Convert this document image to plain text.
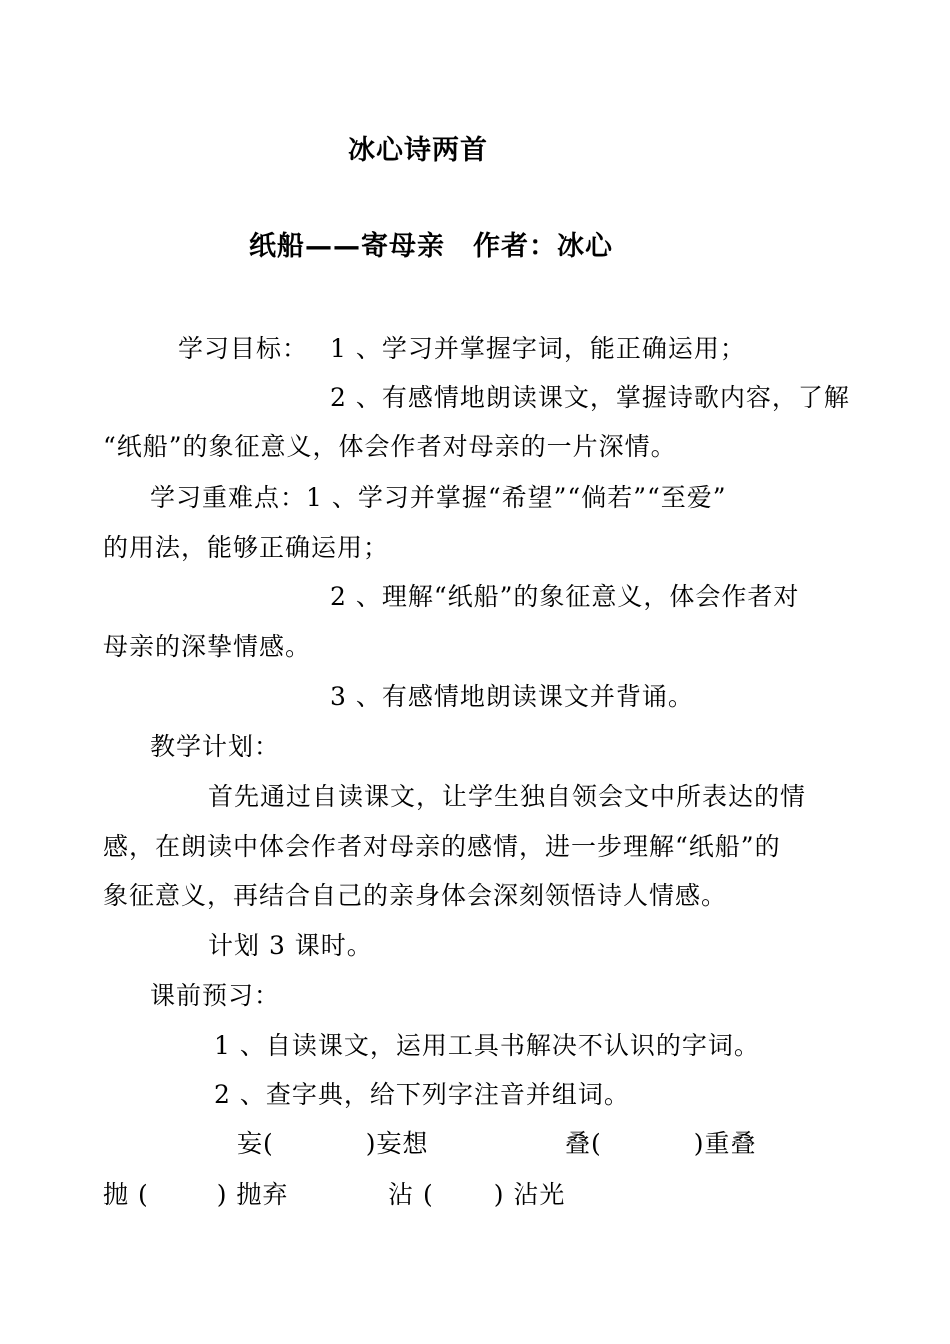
冰心诗两首
纸船——寄母亲　作者：冰心
学习目标： 1 、学习并掌握字词，能正确运用；
2 、有感情地朗读课文，掌握诗歌内容，了解
“纸船”的象征意义，体会作者对母亲的一片深情。
学习重难点：1 、学习并掌握“希望”“倘若”“至爱”
的用法，能够正确运用；
2 、理解“纸船”的象征意义，体会作者对
母亲的深挚情感。
3 、有感情地朗读课文并背诵。
教学计划：
首先通过自读课文，让学生独自领会文中所表达的情
感，在朗读中体会作者对母亲的感情，进一步理解“纸船”的
象征意义，再结合自己的亲身体会深刻领悟诗人情感。
计划 3 课时。
课前预习：
1 、自读课文，运用工具书解决不认识的字词。
2 、查字典，给下列字注音并组词。
妄(	)妄想	叠(	)重叠
抛 (	) 抛弃	沾 ( ) 沾光
